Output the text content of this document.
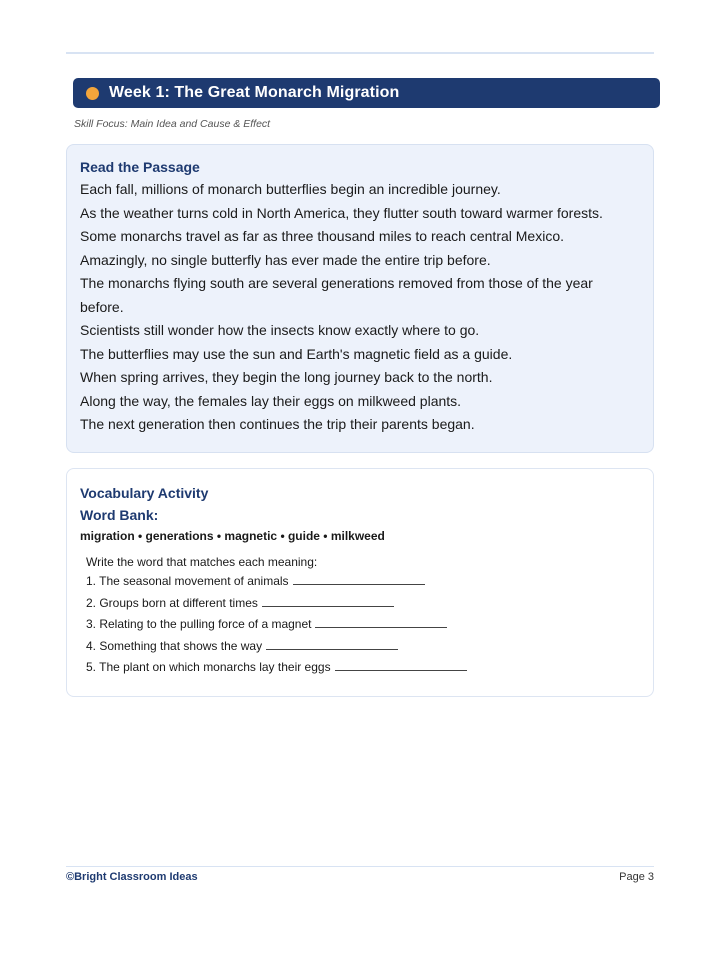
Week 1: The Great Monarch Migration
Skill Focus: Main Idea and Cause & Effect
Read the Passage
Each fall, millions of monarch butterflies begin an incredible journey.
As the weather turns cold in North America, they flutter south toward warmer forests.
Some monarchs travel as far as three thousand miles to reach central Mexico.
Amazingly, no single butterfly has ever made the entire trip before.
The monarchs flying south are several generations removed from those of the year before.
Scientists still wonder how the insects know exactly where to go.
The butterflies may use the sun and Earth's magnetic field as a guide.
When spring arrives, they begin the long journey back to the north.
Along the way, the females lay their eggs on milkweed plants.
The next generation then continues the trip their parents began.
Vocabulary Activity
Word Bank:
migration • generations • magnetic • guide • milkweed
Write the word that matches each meaning:
1. The seasonal movement of animals
2. Groups born at different times
3. Relating to the pulling force of a magnet
4. Something that shows the way
5. The plant on which monarchs lay their eggs
©Bright Classroom Ideas	Page 3
